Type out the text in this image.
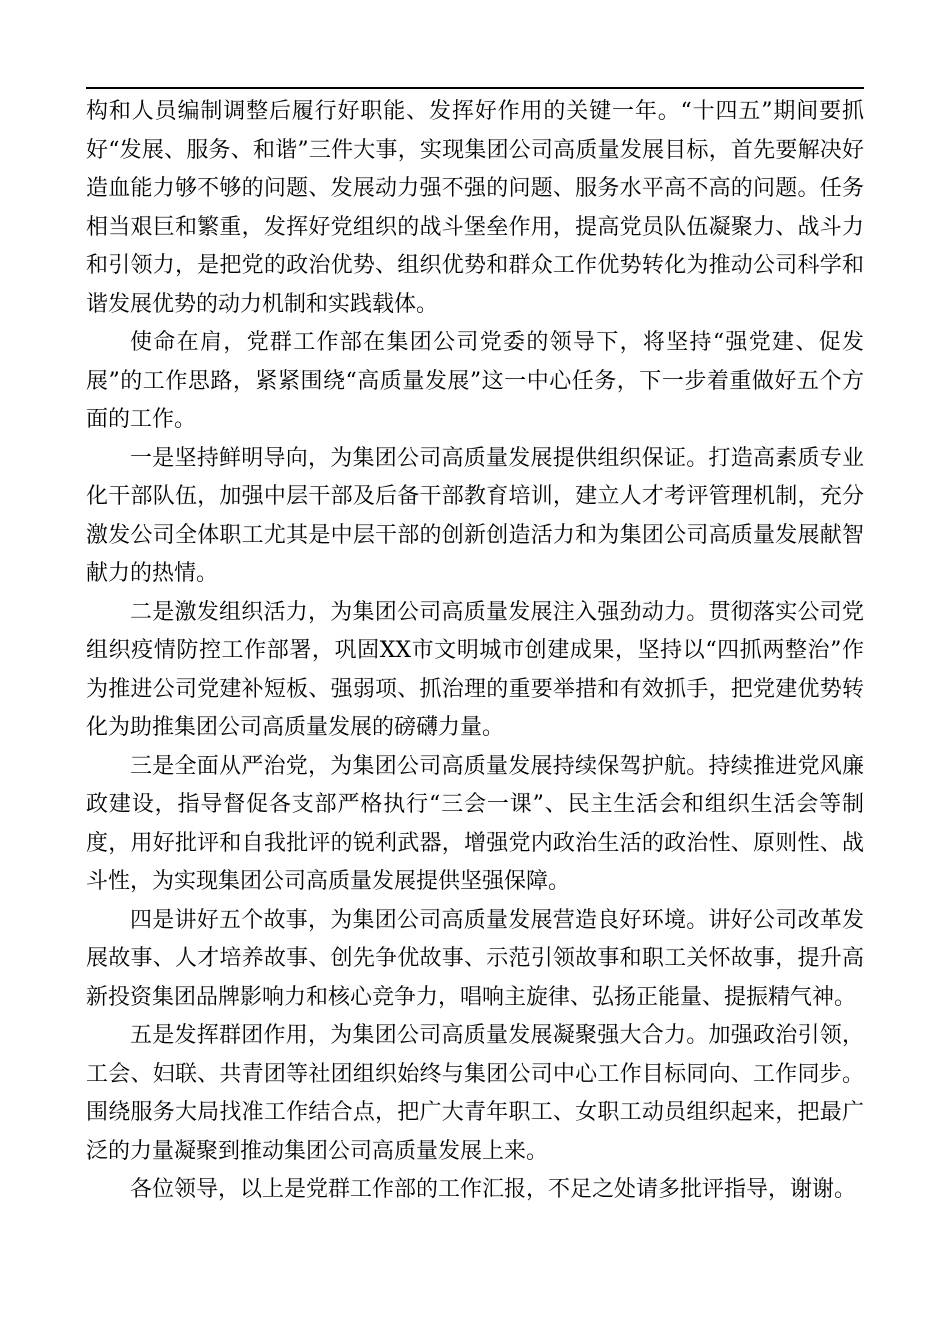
构和人员编制调整后履行好职能、发挥好作用的关键一年。“十四五”期间要抓好“发展、服务、和谐”三件大事，实现集团公司高质量发展目标，首先要解决好造血能力够不够的问题、发展动力强不强的问题、服务水平高不高的问题。任务相当艰巨和繁重，发挥好党组织的战斗堡垒作用，提高党员队伍凝聚力、战斗力和引领力，是把党的政治优势、组织优势和群众工作优势转化为推动公司科学和谐发展优势的动力机制和实践载体。

使命在肩，党群工作部在集团公司党委的领导下，将坚持“强党建、促发展”的工作思路，紧紧围绕“高质量发展”这一中心任务，下一步着重做好五个方面的工作。

一是坚持鲜明导向，为集团公司高质量发展提供组织保证。打造高素质专业化干部队伍，加强中层干部及后备干部教育培训，建立人才考评管理机制，充分激发公司全体职工尤其是中层干部的创新创造活力和为集团公司高质量发展献智献力的热情。

二是激发组织活力，为集团公司高质量发展注入强劲动力。贯彻落实公司党组织疫情防控工作部署，巩固XX市文明城市创建成果，坚持以“四抓两整治”作为推进公司党建补短板、强弱项、抓治理的重要举措和有效抓手，把党建优势转化为助推集团公司高质量发展的磅礴力量。

三是全面从严治党，为集团公司高质量发展持续保驾护航。持续推进党风廉政建设，指导督促各支部严格执行“三会一课”、民主生活会和组织生活会等制度，用好批评和自我批评的锐利武器，增强党内政治生活的政治性、原则性、战斗性，为实现集团公司高质量发展提供坚强保障。

四是讲好五个故事，为集团公司高质量发展营造良好环境。讲好公司改革发展故事、人才培养故事、创先争优故事、示范引领故事和职工关怀故事，提升高新投资集团品牌影响力和核心竞争力，唱响主旋律、弘扬正能量、提振精气神。

五是发挥群团作用，为集团公司高质量发展凝聚强大合力。加强政治引领，工会、妇联、共青团等社团组织始终与集团公司中心工作目标同向、工作同步。围绕服务大局找准工作结合点，把广大青年职工、女职工动员组织起来，把最广泛的力量凝聚到推动集团公司高质量发展上来。

各位领导，以上是党群工作部的工作汇报，不足之处请多批评指导，谢谢。
